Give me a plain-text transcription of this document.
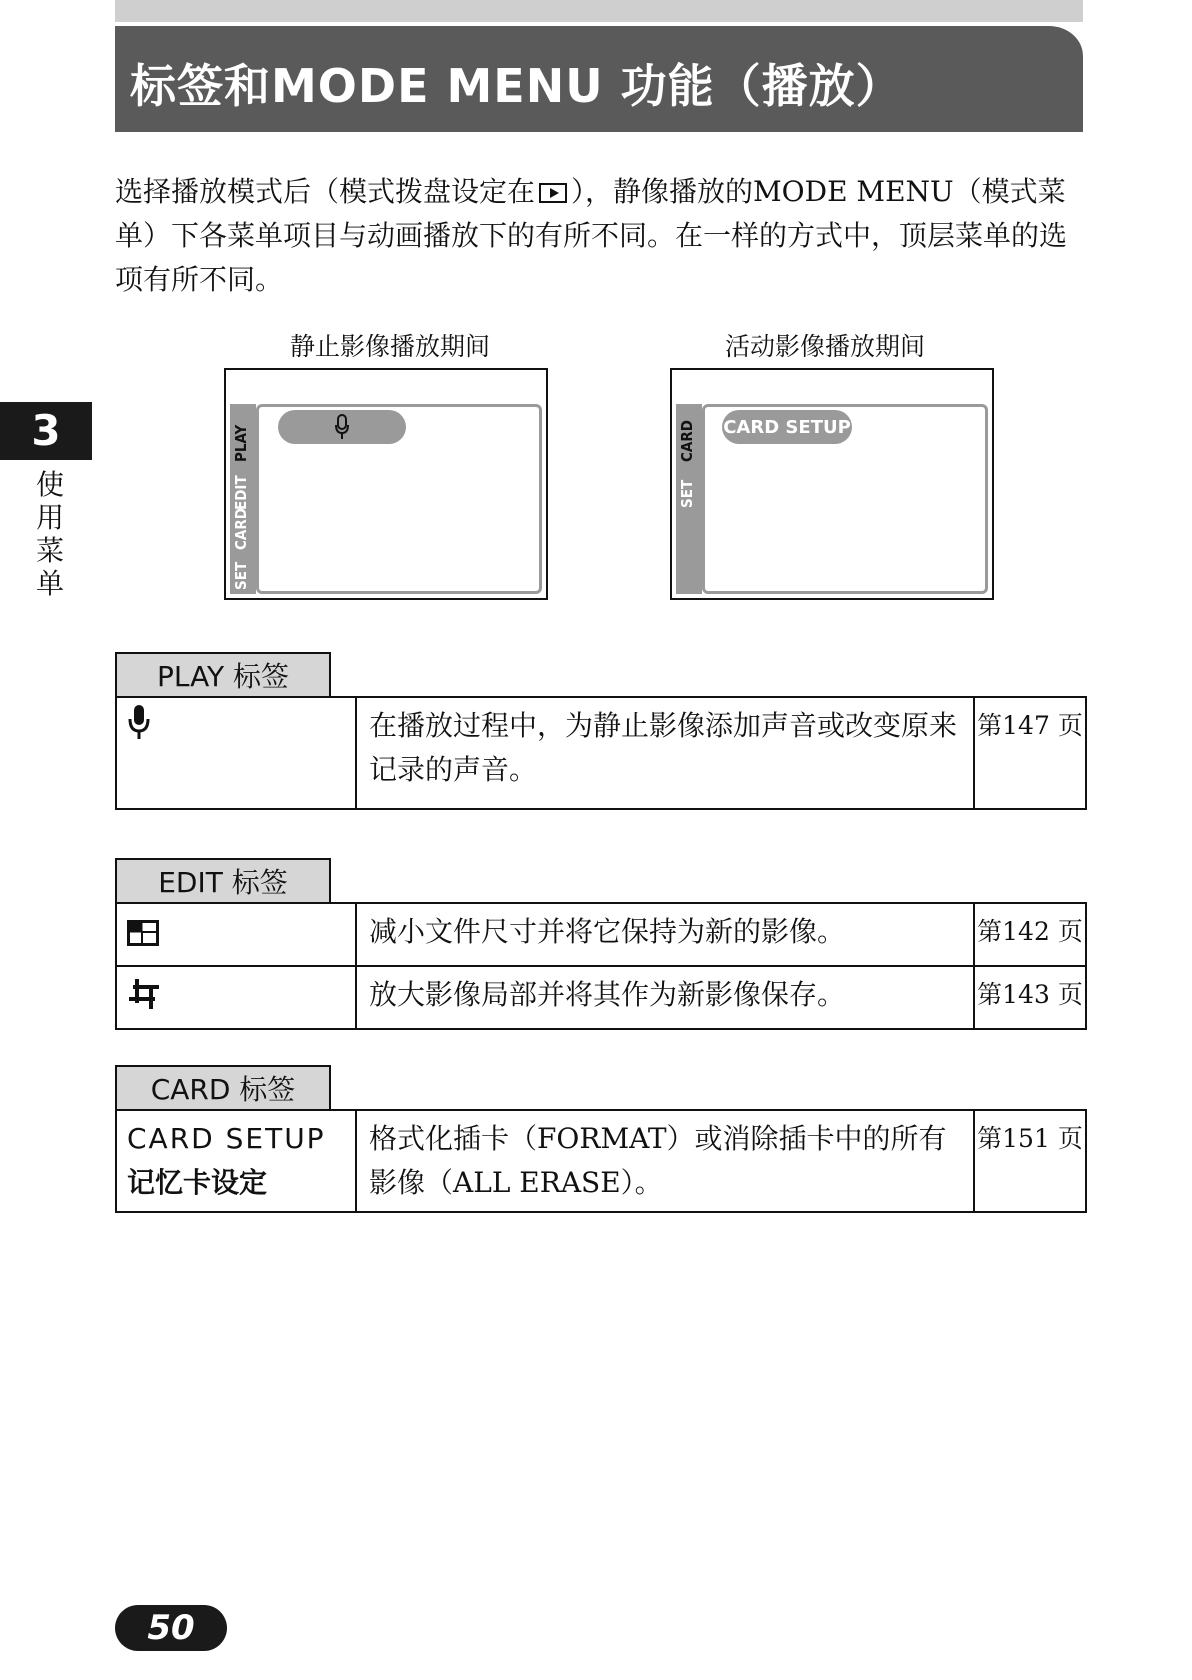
标签和MODE MENU 功能（播放）
选择播放模式后（模式拨盘设定在 ），静像播放的MODE MENU（模式菜单）下各菜单项目与动画播放下的有所不同。在一样的方式中，顶层菜单的选项有所不同。
3
使用菜单
静止影像播放期间	活动影像播放期间
PLAY
EDIT
CARD
SET
CARD
SET
CARD SETUP
PLAY 标签
	在播放过程中，为静止影像添加声音或改变原来记录的声音。	第147 页
EDIT 标签
	减小文件尺寸并将它保持为新的影像。	第142 页
	放大影像局部并将其作为新影像保存。	第143 页
CARD 标签
CARD SETUP
记忆卡设定
	格式化插卡（FORMAT）或消除插卡中的所有影像（ALL ERASE）。	第151 页
50
